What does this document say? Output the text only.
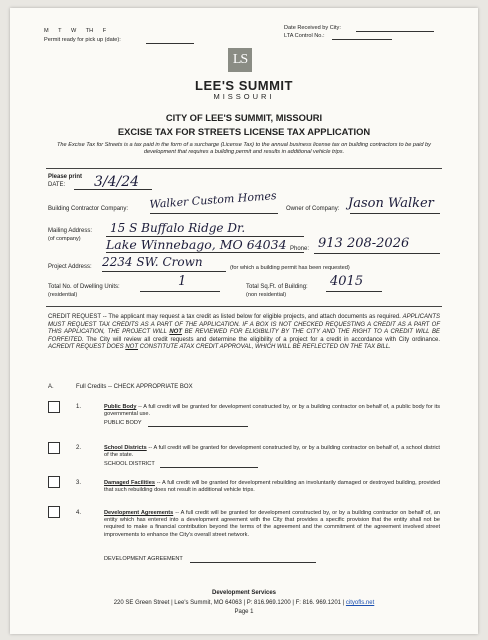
M T W TH F
Permit ready for pick up (date):
Date Received by City:
LTA Control No.:
LS
LEE'S SUMMIT
MISSOURI
CITY OF LEE'S SUMMIT, MISSOURI
EXCISE TAX FOR STREETS LICENSE TAX APPLICATION
The Excise Tax for Streets is a tax paid in the form of a surcharge (License Tax) to the annual business license tax on building contractors to be paid by development that requires a building permit and results in additional vehicle trips.
Please print
DATE: 3/4/24
Building Contractor Company: Walker Custom Homes Owner of Company: Jason Walker
Mailing Address:
(of company)
15 S Buffalo Ridge Dr.
Lake Winnebago, MO 64034 Phone: 913 208-2026
Project Address: 2234 SW. Crown	(for which a building permit has been requested)
Total No. of Dwelling Units:
(residential)
1	Total Sq.Ft. of Building:
(non residential)
4015
CREDIT REQUEST -- The applicant may request a tax credit as listed below for eligible projects, and attach documents as required. APPLICANTS MUST REQUEST TAX CREDITS AS A PART OF THE APPLICATION. IF A BOX IS NOT CHECKED REQUESTING A CREDIT AS A PART OF THIS APPLICATION, THE PROJECT WILL NOT BE REVIEWED FOR ELIGIBILITY BY THE CITY AND THE RIGHT TO A CREDIT WILL BE FORFEITED. The City will review all credit requests and determine the eligibility of a project for a credit in accordance with City ordinance. ACREDIT REQUEST DOES NOT CONSTITUTE ATAX CREDIT APPROVAL, WHICH WILL BE REFLECTED ON THE TAX BILL.
A.	Full Credits -- CHECK APPROPRIATE BOX
1.	Public Body -- A full credit will be granted for development constructed by, or by a building contractor on behalf of, a public body for its governmental use.
PUBLIC BODY
2.	School Districts -- A full credit will be granted for development constructed by, or by a building contractor on behalf of, a school district of the state.
SCHOOL DISTRICT
3.	Damaged Facilities -- A full credit will be granted for development rebuilding an involuntarily damaged or destroyed building, provided that such rebuilding does not result in additional vehicle trips.
4.	Development Agreements -- A full credit will be granted for development constructed by, or by a building contractor on behalf of, an entity which has entered into a development agreement with the City that provides a specific provision that the entity shall not be required to make a financial contribution beyond the terms of the agreement and the commitment of the agreement involved street improvements to enhance the City's overall street network.
DEVELOPMENT AGREEMENT
Development Services
220 SE Green Street | Lee's Summit, MO 64063 | P: 816.969.1200 | F: 816. 969.1201 | cityofls.net
Page 1
